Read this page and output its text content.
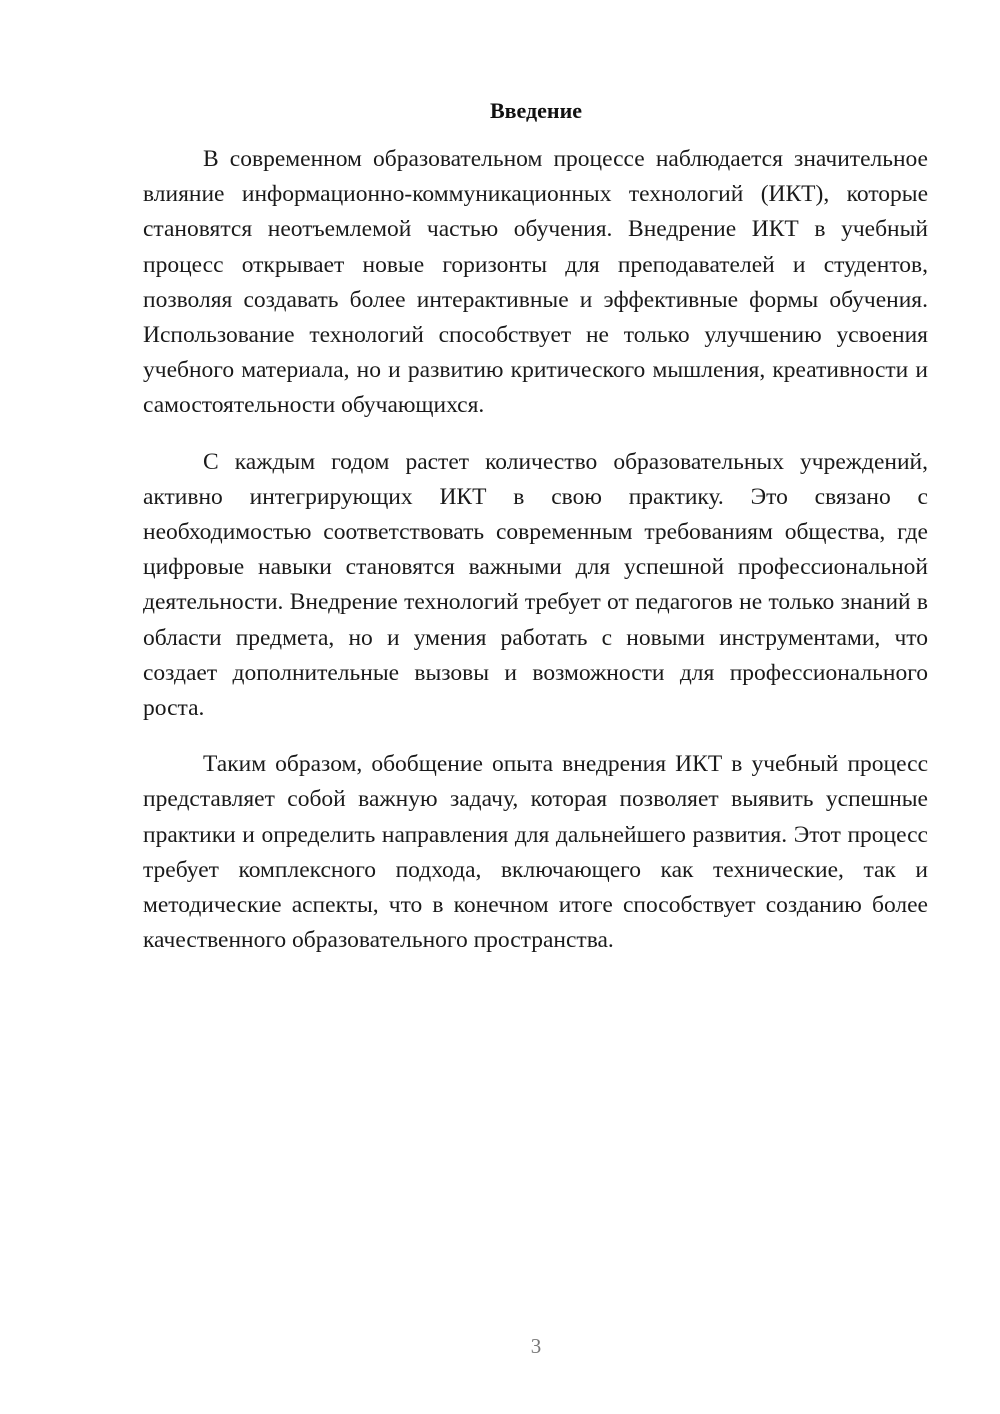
Введение

В современном образовательном процессе наблюдается значительное влияние информационно-коммуникационных технологий (ИКТ), которые становятся неотъемлемой частью обучения. Внедрение ИКТ в учебный процесс открывает новые горизонты для преподавателей и студентов, позволяя создавать более интерактивные и эффективные формы обучения. Использование технологий способствует не только улучшению усвоения учебного материала, но и развитию критического мышления, креативности и самостоятельности обучающихся.

С каждым годом растет количество образовательных учреждений, активно интегрирующих ИКТ в свою практику. Это связано с необходимостью соответствовать современным требованиям общества, где цифровые навыки становятся важными для успешной профессиональной деятельности. Внедрение технологий требует от педагогов не только знаний в области предмета, но и умения работать с новыми инструментами, что создает дополнительные вызовы и возможности для профессионального роста.

Таким образом, обобщение опыта внедрения ИКТ в учебный процесс представляет собой важную задачу, которая позволяет выявить успешные практики и определить направления для дальнейшего развития. Этот процесс требует комплексного подхода, включающего как технические, так и методические аспекты, что в конечном итоге способствует созданию более качественного образовательного пространства.

3
